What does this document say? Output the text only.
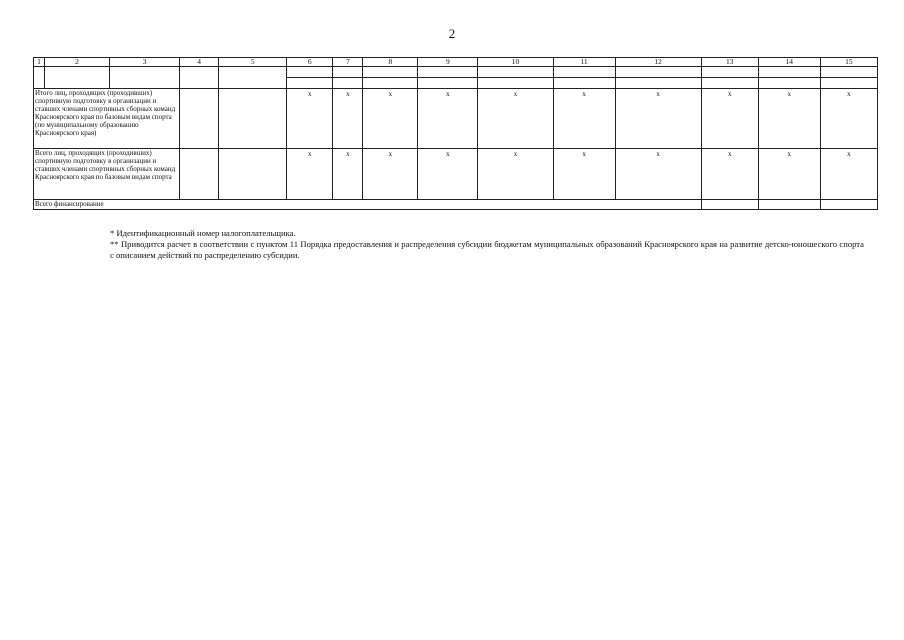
2
1	2	3	4	5	6	7	8	9	10	11	12	13	14	15

Итого лиц, проходящих (проходивших) спортивную подготовку в организации и ставших членами спортивных сборных команд Красноярского края по базовым видам спорта (по муниципальному образованию Красноярского края)					x	x	x	x	x	x	x	x	x	x
Всего лиц, проходящих (проходивших) спортивную подготовку в организации и ставших членами спортивных сборных команд Красноярского края по базовым видам спорта					x	x	x	x	x	x	x	x	x	x
Всего финансирование														

* Идентификационный номер налогоплательщика.

** Приводится расчет в соответствии с пунктом 11 Порядка предоставления и распределения субсидии бюджетам муниципальных образований Красноярского края на развитие детско-юношеского спорта с описанием действий по распределению субсидии.
